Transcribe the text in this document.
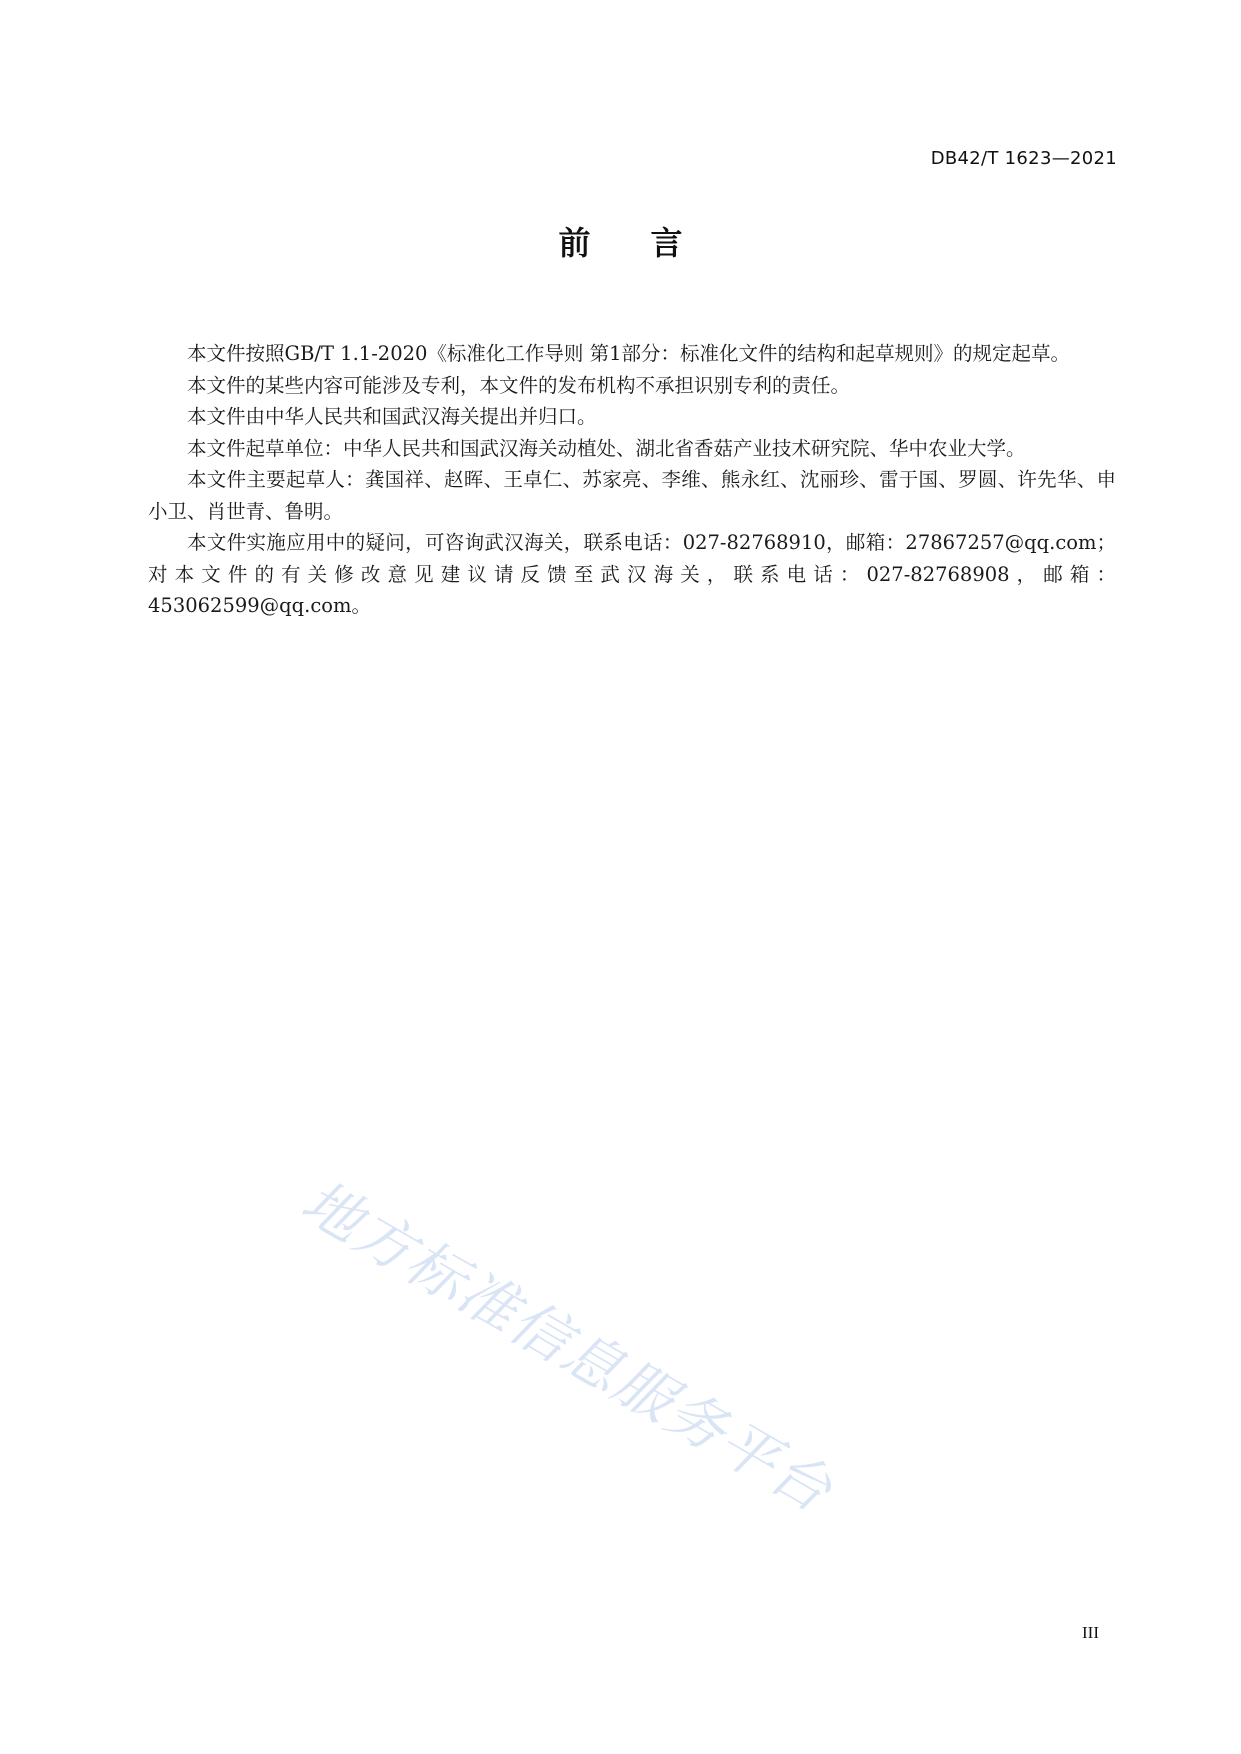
DB42/T 1623—2021
前言

本文件按照GB/T 1.1-2020《标准化工作导则 第1部分：标准化文件的结构和起草规则》的规定起草。

本文件的某些内容可能涉及专利，本文件的发布机构不承担识别专利的责任。

本文件由中华人民共和国武汉海关提出并归口。

本文件起草单位：中华人民共和国武汉海关动植处、湖北省香菇产业技术研究院、华中农业大学。

本文件主要起草人：龚国祥、赵晖、王卓仁、苏家亮、李维、熊永红、沈丽珍、雷于国、罗圆、许先华、申小卫、肖世青、鲁明。

本文件实施应用中的疑问，可咨询武汉海关，联系电话：027-82768910，邮箱：27867257@qq.com；对本文件的有关修改意见建议请反馈至武汉海关，联系电话：027-82768908，邮箱：453062599@qq.com。

地方标准信息服务平台
III
